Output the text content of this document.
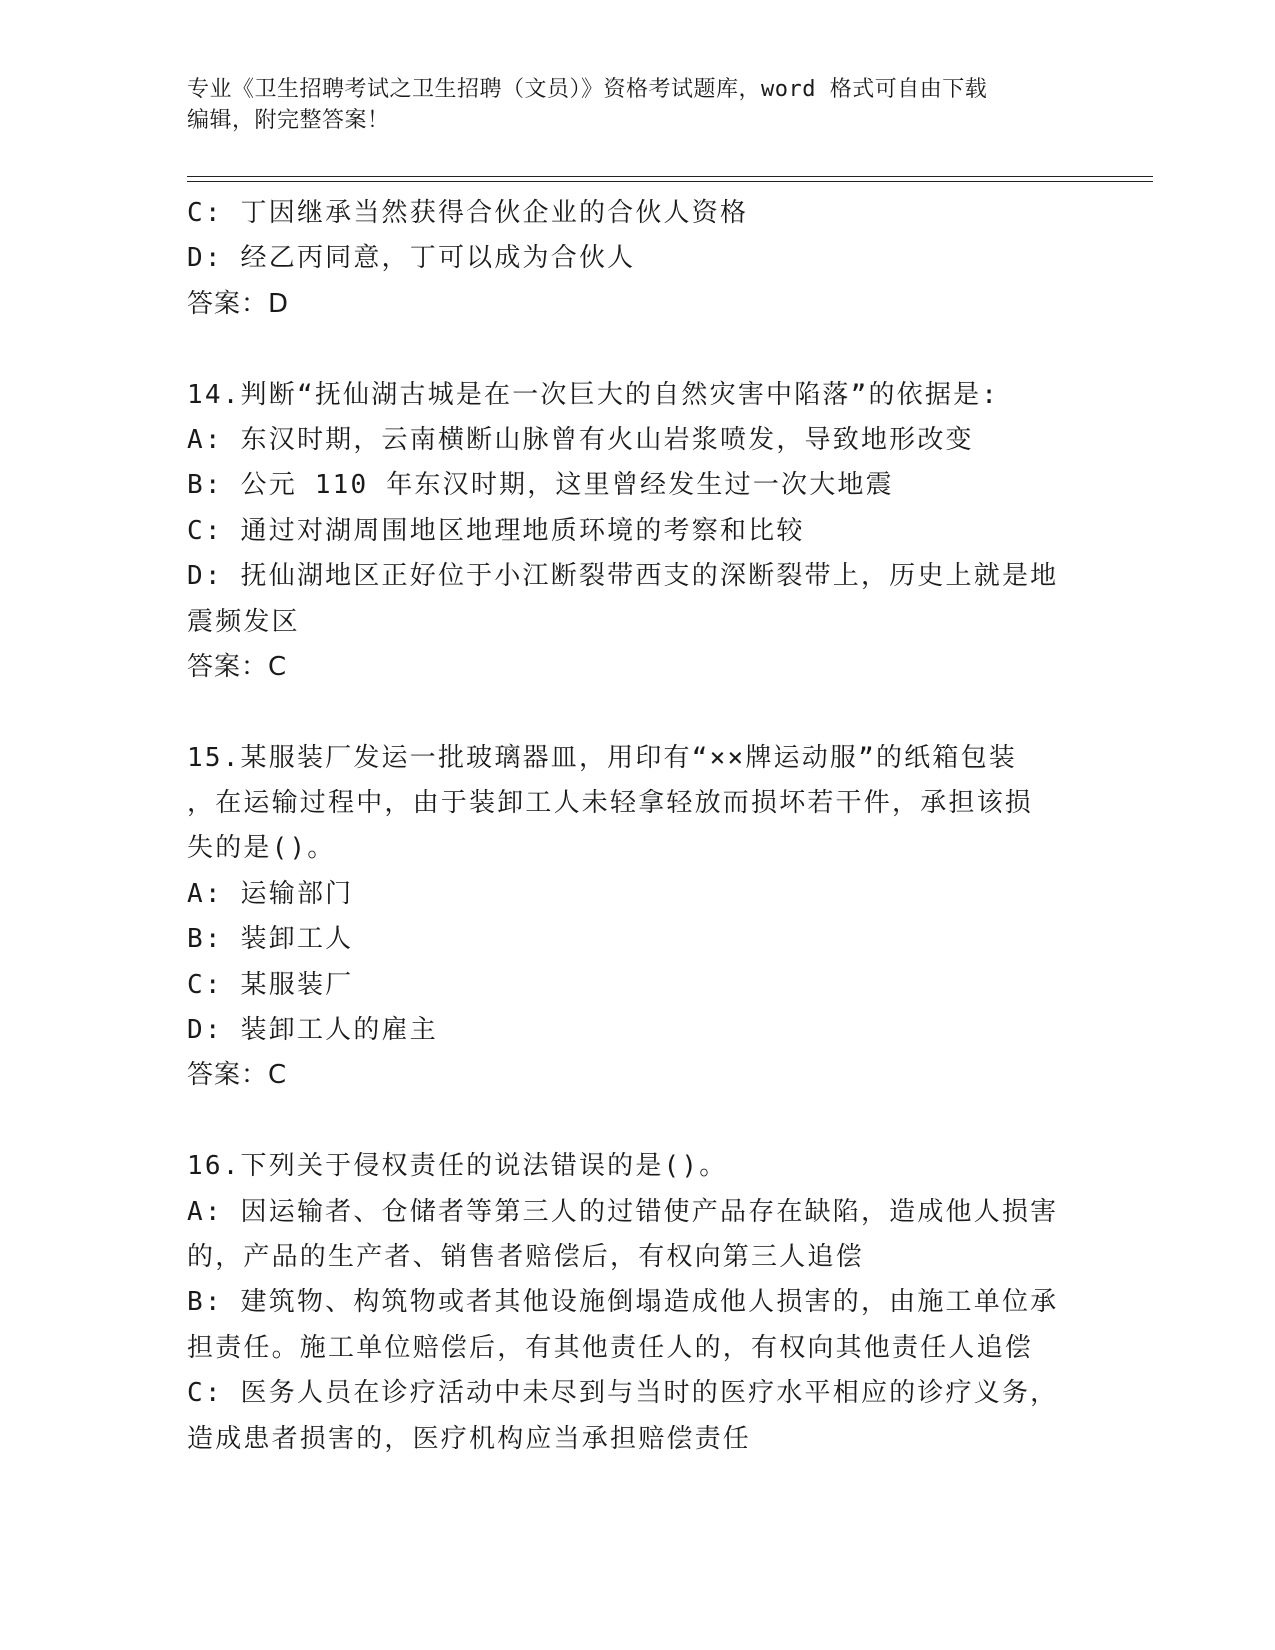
专业《卫生招聘考试之卫生招聘（文员）》资格考试题库，word 格式可自由下载
编辑，附完整答案！
C: 丁因继承当然获得合伙企业的合伙人资格
D: 经乙丙同意，丁可以成为合伙人
答案：D
14.判断“抚仙湖古城是在一次巨大的自然灾害中陷落”的依据是:
A: 东汉时期，云南横断山脉曾有火山岩浆喷发，导致地形改变
B: 公元 110 年东汉时期，这里曾经发生过一次大地震
C: 通过对湖周围地区地理地质环境的考察和比较
D: 抚仙湖地区正好位于小江断裂带西支的深断裂带上，历史上就是地
震频发区
答案：C
15.某服装厂发运一批玻璃器皿，用印有“××牌运动服”的纸箱包装
，在运输过程中，由于装卸工人未轻拿轻放而损坏若干件，承担该损
失的是()。
A: 运输部门
B: 装卸工人
C: 某服装厂
D: 装卸工人的雇主
答案：C
16.下列关于侵权责任的说法错误的是()。
A: 因运输者、仓储者等第三人的过错使产品存在缺陷，造成他人损害
的，产品的生产者、销售者赔偿后，有权向第三人追偿
B: 建筑物、构筑物或者其他设施倒塌造成他人损害的，由施工单位承
担责任。施工单位赔偿后，有其他责任人的，有权向其他责任人追偿
C: 医务人员在诊疗活动中未尽到与当时的医疗水平相应的诊疗义务，
造成患者损害的，医疗机构应当承担赔偿责任
